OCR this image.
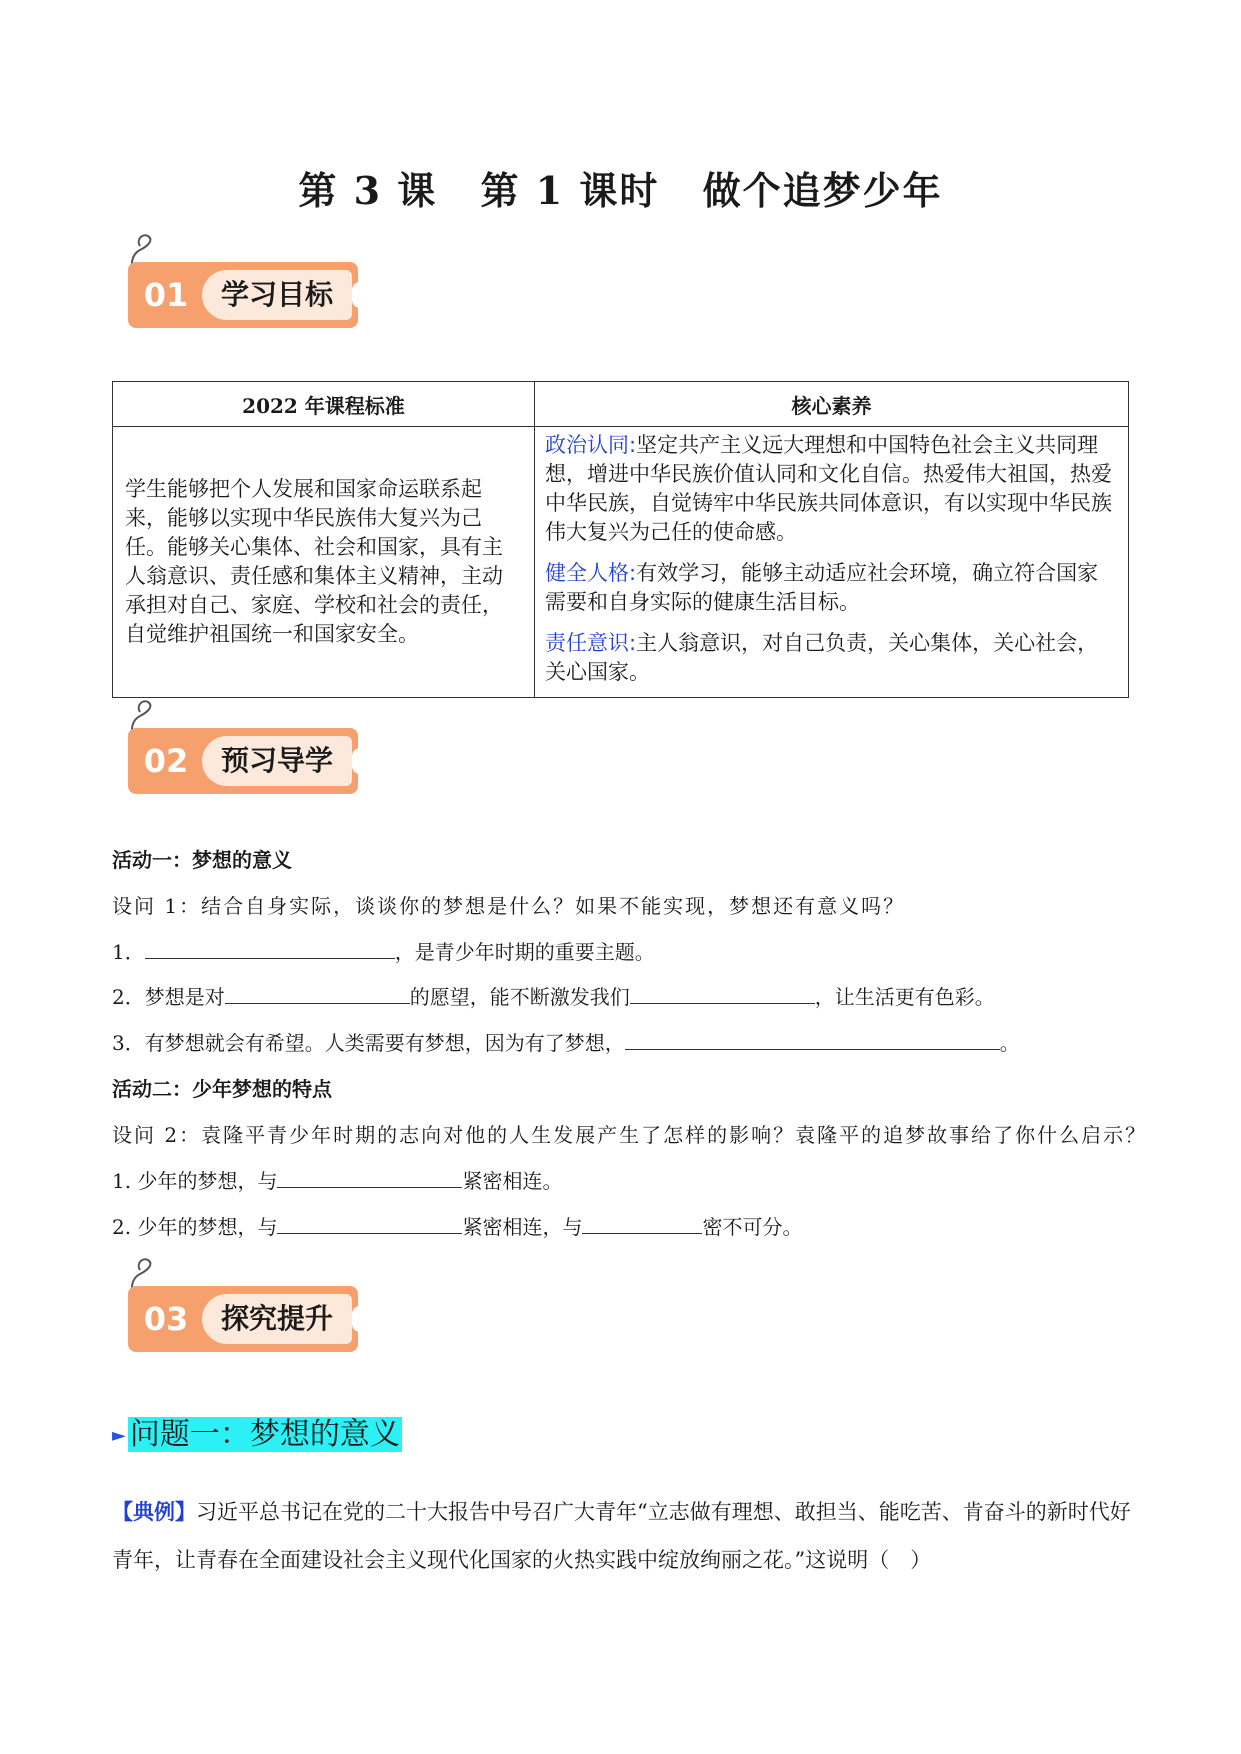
第 3 课 第 1 课时 做个追梦少年
01	学习目标
2022 年课程标准	核心素养
学生能够把个人发展和国家命运联系起来，能够以实现中华民族伟大复兴为己任。能够关心集体、社会和国家，具有主人翁意识、责任感和集体主义精神，主动承担对自己、家庭、学校和社会的责任，自觉维护祖国统一和国家安全。	政治认同:坚定共产主义远大理想和中国特色社会主义共同理想，增进中华民族价值认同和文化自信。热爱伟大祖国，热爱中华民族，自觉铸牢中华民族共同体意识，有以实现中华民族伟大复兴为己任的使命感。

健全人格:有效学习，能够主动适应社会环境，确立符合国家需要和自身实际的健康生活目标。

责任意识:主人翁意识，对自己负责，关心集体，关心社会，关心国家。

02	预习导学
活动一：梦想的意义
设问 1：结合自身实际，谈谈你的梦想是什么？如果不能实现，梦想还有意义吗？
1．	，是青少年时期的重要主题。
2．梦想是对	的愿望，能不断激发我们	，让生活更有色彩。
3．有梦想就会有希望。人类需要有梦想，因为有了梦想，	。
活动二：少年梦想的特点
设问 2：袁隆平青少年时期的志向对他的人生发展产生了怎样的影响？袁隆平的追梦故事给了你什么启示？
1. 少年的梦想，与	紧密相连。
2. 少年的梦想，与	紧密相连，与	密不可分。
03	探究提升
► 问题一：梦想的意义
【典例】习近平总书记在党的二十大报告中号召广大青年“立志做有理想、敢担当、能吃苦、肯奋斗的新时代好青年，让青春在全面建设社会主义现代化国家的火热实践中绽放绚丽之花。”这说明（　）
